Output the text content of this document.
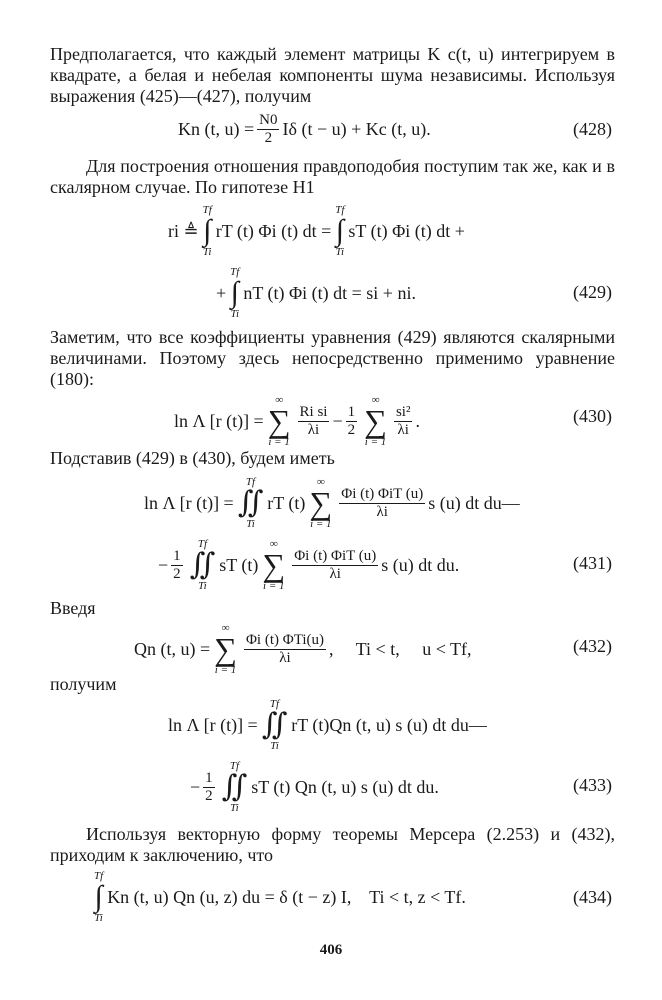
Предполагается, что каждый элемент матрицы K c(t, u) интегрируем в квадрате, а белая и небелая компоненты шума независимы. Используя выражения (425)—(427), получим

Kn (t, $u) = \frac{N0}{2}$ Iδ (t − u) + Kc (t, u).	(428)

Для построения отношения правдоподобия поступим так же, как и в скалярном случае. По гипотезе H1

ri ≜
Tf
∫
Ti
rT (t) Φi (t) dt =
Tf
∫
Ti
sT (t) Φi (t) dt +
+
Tf
∫
Ti
nT (t) Φi (t) dt = si + ni.	(429)

Заметим, что все коэффициенты уравнения (429) являются скалярными величинами. Поэтому здесь непосредственно применимо уравнение (180):

ln Λ [r (t)] =
∞
∑
i = 1
$\frac{\text{Ri si}}{\lambda i} - \frac{1}{2}$
∞
∑
i = 1
$\frac{\text{si²}}{\lambda i}$ .	(430)

Подставив (429) в (430), будем иметь

ln Λ [r (t)] =
Tf
∬
Ti
rT (t)
∞
∑
i = 1
$\frac{\text{Φi (t) ΦiT (u)}}{\lambda i}$ s (u) dt du—
− $\frac{1}{2}$
Tf
∬
Ti
sT (t)
∞
∑
i = 1
$\frac{\text{Φi (t) ΦiT (u)}}{\lambda i}$ s (u) dt du.	(431)

Введя

Qn (t, u) =
∞
∑
i = 1
$\frac{\text{Φi (t) ΦTi(u)}}{\lambda i}$ ,     Ti < t,     u < Tf,	(432)

получим

ln Λ [r (t)] =
Tf
∬
Ti
rT (t)Qn (t, u) s (u) dt du—
− $\frac{1}{2}$
Tf
∬
Ti
sT (t) Qn (t, u) s (u) dt du.	(433)

Используя векторную форму теоремы Мерсера (2.253) и (432), приходим к заключению, что

Tf
∫
Ti
Kn (t, u) Qn (u, z) du = δ (t − z) I,    Ti < t, z < Tf.	(434)
406
